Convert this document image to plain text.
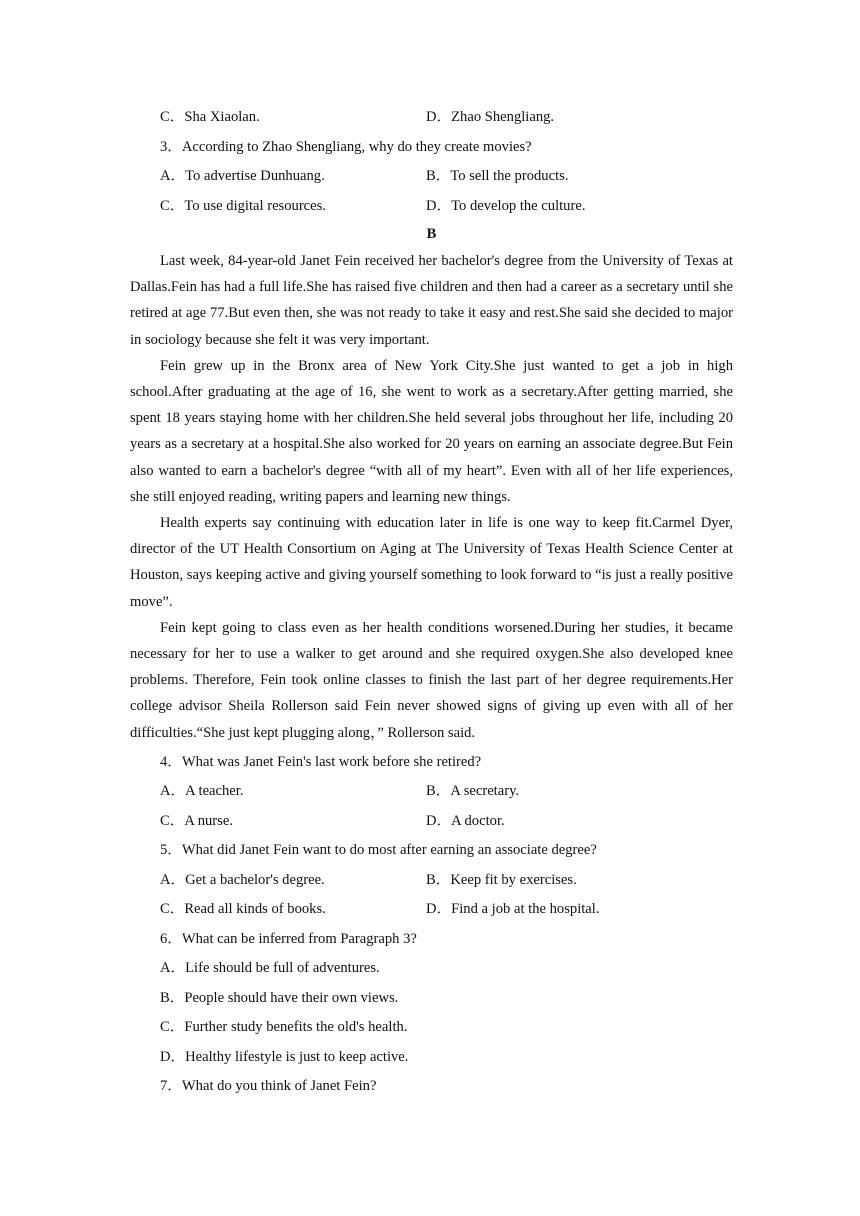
C．Sha Xiaolan.	D．Zhao Shengliang.
3．According to Zhao Shengliang, why do they create movies?
A．To advertise Dunhuang.	B．To sell the products.
C．To use digital resources.	D．To develop the culture.
B

Last week, 84-year-old Janet Fein received her bachelor's degree from the University of Texas at Dallas.Fein has had a full life.She has raised five children and then had a career as a secretary until she retired at age 77.But even then, she was not ready to take it easy and rest.She said she decided to major in sociology because she felt it was very important.

Fein grew up in the Bronx area of New York City.She just wanted to get a job in high school.After graduating at the age of 16, she went to work as a secretary.After getting married, she spent 18 years staying home with her children.She held several jobs throughout her life, including 20 years as a secretary at a hospital.She also worked for 20 years on earning an associate degree.But Fein also wanted to earn a bachelor's degree “with all of my heart”. Even with all of her life experiences, she still enjoyed reading, writing papers and learning new things.

Health experts say continuing with education later in life is one way to keep fit.Carmel Dyer, director of the UT Health Consortium on Aging at The University of Texas Health Science Center at Houston, says keeping active and giving yourself something to look forward to “is just a really positive move”.

Fein kept going to class even as her health conditions worsened.During her studies, it became necessary for her to use a walker to get around and she required oxygen.She also developed knee problems. Therefore, Fein took online classes to finish the last part of her degree requirements.Her college advisor Sheila Rollerson said Fein never showed signs of giving up even with all of her difficulties.“She just kept plugging along，” Rollerson said.

4．What was Janet Fein's last work before she retired?
A．A teacher.	B．A secretary.
C．A nurse.	D．A doctor.
5．What did Janet Fein want to do most after earning an associate degree?
A．Get a bachelor's degree.	B．Keep fit by exercises.
C．Read all kinds of books.	D．Find a job at the hospital.
6．What can be inferred from Paragraph 3?
A．Life should be full of adventures.
B．People should have their own views.
C．Further study benefits the old's health.
D．Healthy lifestyle is just to keep active.
7．What do you think of Janet Fein?
